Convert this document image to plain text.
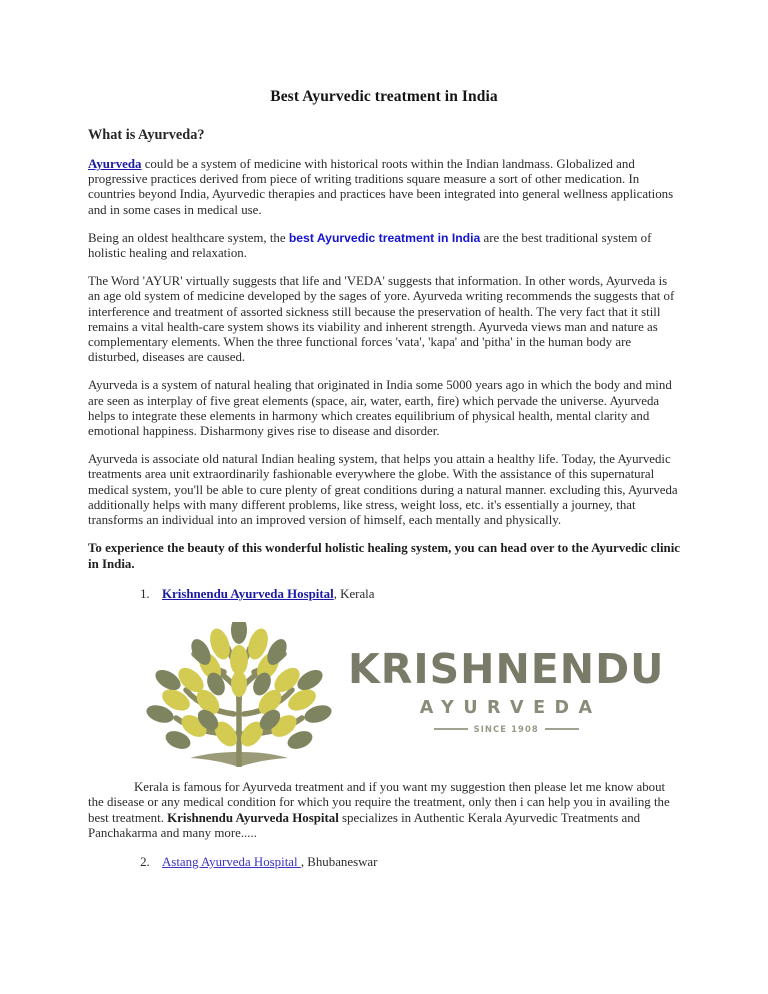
Best Ayurvedic treatment in India
What is Ayurveda?

Ayurveda could be a system of medicine with historical roots within the Indian landmass. Globalized and progressive practices derived from piece of writing traditions square measure a sort of other medication. In countries beyond India, Ayurvedic therapies and practices have been integrated into general wellness applications and in some cases in medical use.

Being an oldest healthcare system, the best Ayurvedic treatment in India are the best traditional system of holistic healing and relaxation.

The Word 'AYUR' virtually suggests that life and 'VEDA' suggests that information. In other words, Ayurveda is an age old system of medicine developed by the sages of yore. Ayurveda writing recommends the suggests that of interference and treatment of assorted sickness still because the preservation of health. The very fact that it still remains a vital health-care system shows its viability and inherent strength. Ayurveda views man and nature as complementary elements. When the three functional forces 'vata', 'kapa' and 'pitha' in the human body are disturbed, diseases are caused.

Ayurveda is a system of natural healing that originated in India some 5000 years ago in which the body and mind are seen as interplay of five great elements (space, air, water, earth, fire) which pervade the universe. Ayurveda helps to integrate these elements in harmony which creates equilibrium of physical health, mental clarity and emotional happiness. Disharmony gives rise to disease and disorder.

Ayurveda is associate old natural Indian healing system, that helps you attain a healthy life. Today, the Ayurvedic treatments area unit extraordinarily fashionable everywhere the globe. With the assistance of this supernatural medical system, you'll be able to cure plenty of great conditions during a natural manner. excluding this, Ayurveda additionally helps with many different problems, like stress, weight loss, etc. it's essentially a journey, that transforms an individual into an improved version of himself, each mentally and physically.

To experience the beauty of this wonderful holistic healing system, you can head over to the Ayurvedic clinic in India.

1. Krishnendu Ayurveda Hospital, Kerala
KRISHNENDU
AYURVEDA
SINCE 1908

Kerala is famous for Ayurveda treatment and if you want my suggestion then please let me know about the disease or any medical condition for which you require the treatment, only then i can help you in availing the best treatment. Krishnendu Ayurveda Hospital specializes in Authentic Kerala Ayurvedic Treatments and Panchakarma and many more.....

2. Astang Ayurveda Hospital , Bhubaneswar
